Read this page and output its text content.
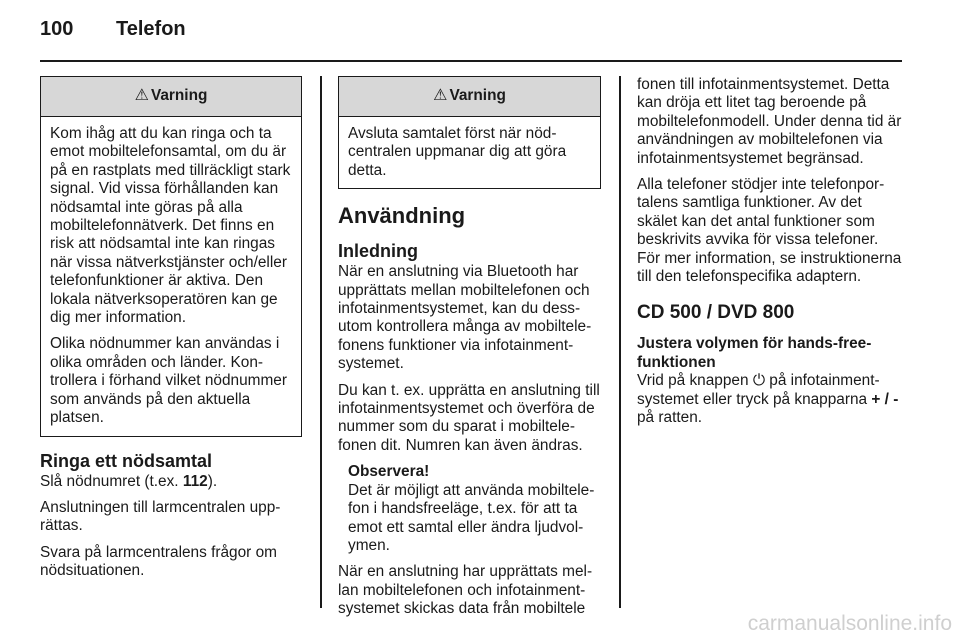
100 Telefon
⚠ Varning

Kom ihåg att du kan ringa och ta emot mobiltelefonsamtal, om du är på en rastplats med tillräckligt stark signal. Vid vissa förhållanden kan nödsamtal inte göras på alla mobiltelefonnätverk. Det finns en risk att nödsamtal inte kan ringas när vissa nätverkstjänster och/eller telefonfunktioner är aktiva. Den lokala nätverksoperatören kan ge dig mer information.

Olika nödnummer kan användas i olika områden och länder. Kontrollera i förhand vilket nödnummer som används på den aktuella platsen.

Ringa ett nödsamtal

Slå nödnumret (t.ex. 112).

Anslutningen till larmcentralen upprättas.

Svara på larmcentralens frågor om nödsituationen.

⚠ Varning

Avsluta samtalet först när nödcentralen uppmanar dig att göra detta.

Användning
Inledning

När en anslutning via Bluetooth har upprättats mellan mobiltelefonen och infotainmentsystemet, kan du dessutom kontrollera många av mobiltelefonens funktioner via infotainmentsystemet.

Du kan t. ex. upprätta en anslutning till infotainmentsystemet och överföra de nummer som du sparat i mobiltelefonen dit. Numren kan även ändras.

Observera!
Det är möjligt att använda mobiltelefon i handsfreeläge, t.ex. för att ta emot ett samtal eller ändra ljudvolymen.

När en anslutning har upprättats mellan mobiltelefonen och infotainmentsystemet skickas data från mobiltele

fonen till infotainmentsystemet. Detta kan dröja ett litet tag beroende på mobiltelefonmodell. Under denna tid är användningen av mobiltelefonen via infotainmentsystemet begränsad.

Alla telefoner stödjer inte telefonportalens samtliga funktioner. Av det skälet kan det antal funktioner som beskrivits avvika för vissa telefoner. För mer information, se instruktionerna till den telefonspecifika adaptern.

CD 500 / DVD 800
Justera volymen för hands-freefunktionen

Vrid på knappen ⏻ på infotainmentsystemet eller tryck på knapparna + / - på ratten.

carmanualsonline.info
